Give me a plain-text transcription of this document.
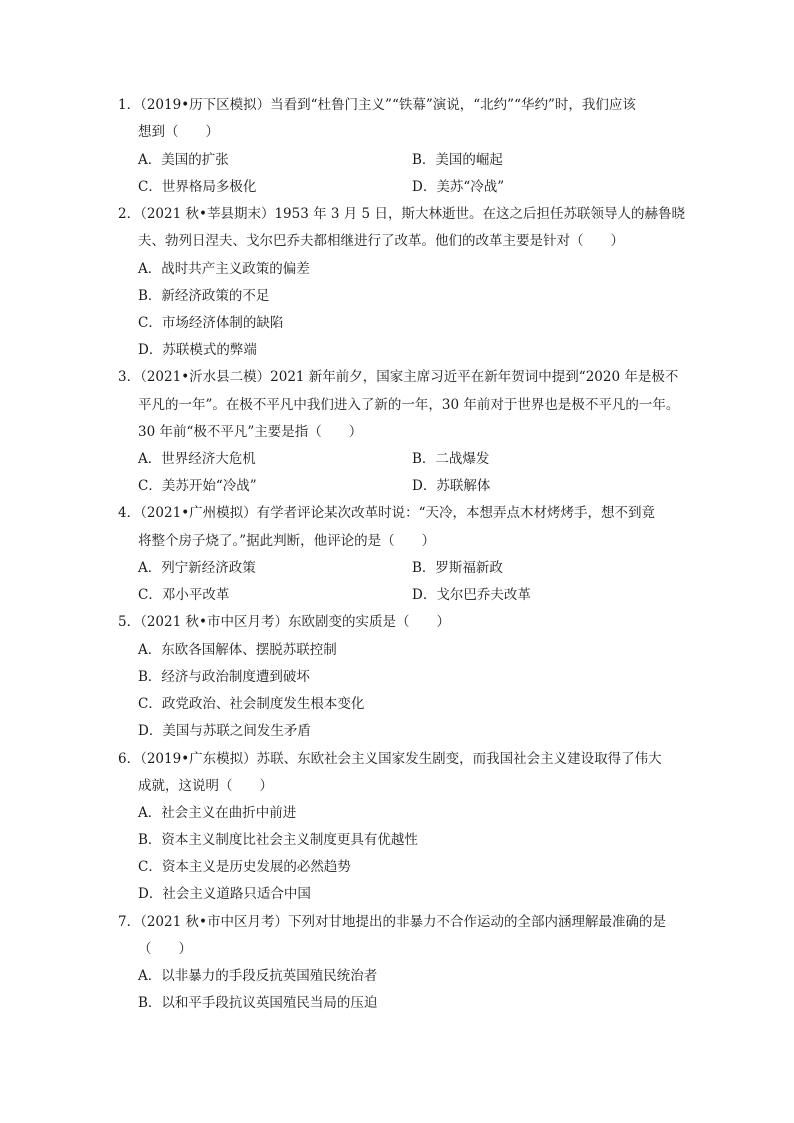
1．（2019•历下区模拟）当看到“杜鲁门主义”“铁幕”演说，“北约”“华约”时，我们应该
想到（　　）
A．美国的扩张	B．美国的崛起
C．世界格局多极化	D．美苏“冷战”
2．（2021 秋•莘县期末）1953 年 3 月 5 日，斯大林逝世。在这之后担任苏联领导人的赫鲁晓
夫、勃列日涅夫、戈尔巴乔夫都相继进行了改革。他们的改革主要是针对（　　）
A．战时共产主义政策的偏差
B．新经济政策的不足
C．市场经济体制的缺陷
D．苏联模式的弊端
3．（2021•沂水县二模）2021 新年前夕，国家主席习近平在新年贺词中提到“2020 年是极不
平凡的一年”。在极不平凡中我们进入了新的一年，30 年前对于世界也是极不平凡的一年。
30 年前“极不平凡”主要是指（　　）
A．世界经济大危机	B．二战爆发
C．美苏开始“冷战”	D．苏联解体
4．（2021•广州模拟）有学者评论某次改革时说：“天冷，本想弄点木材烤烤手，想不到竟
将整个房子烧了。”据此判断，他评论的是（　　）
A．列宁新经济政策	B．罗斯福新政
C．邓小平改革	D．戈尔巴乔夫改革
5．（2021 秋•市中区月考）东欧剧变的实质是（　　）
A．东欧各国解体、摆脱苏联控制
B．经济与政治制度遭到破坏
C．政党政治、社会制度发生根本变化
D．美国与苏联之间发生矛盾
6．（2019•广东模拟）苏联、东欧社会主义国家发生剧变，而我国社会主义建设取得了伟大
成就，这说明（　　）
A．社会主义在曲折中前进
B．资本主义制度比社会主义制度更具有优越性
C．资本主义是历史发展的必然趋势
D．社会主义道路只适合中国
7．（2021 秋•市中区月考）下列对甘地提出的非暴力不合作运动的全部内涵理解最准确的是
（　　）
A．以非暴力的手段反抗英国殖民统治者
B．以和平手段抗议英国殖民当局的压迫
